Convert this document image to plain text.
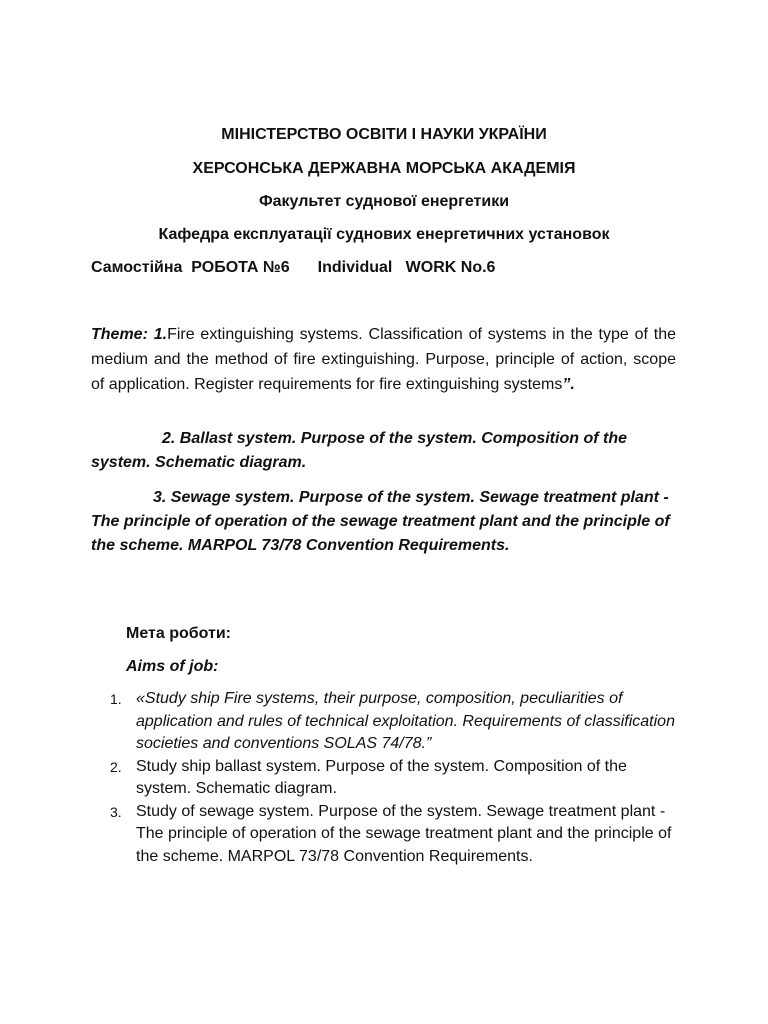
МІНІСТЕРСТВО ОСВІТИ І НАУКИ УКРАЇНИ
ХЕРСОНСЬКА ДЕРЖАВНА МОРСЬКА АКАДЕМІЯ
Факультет суднової енергетики
Кафедра експлуатації суднових енергетичних установок
Самостійна  РОБОТА №6 Individual   WORK No.6
Theme: 1.Fire extinguishing systems. Classification of systems in the type of the medium and the method of fire extinguishing. Purpose, principle of action, scope of application. Register requirements for fire extinguishing systems”.
2. Ballast system. Purpose of the system. Composition of the system. Schematic diagram.
3. Sewage system. Purpose of the system. Sewage treatment plant -The principle of operation of the sewage treatment plant and the principle of the scheme. MARPOL 73/78 Convention Requirements.
Мета роботи:
Aims of job:
1. «Study ship Fire systems, their purpose, composition, peculiarities of application and rules of technical exploitation. Requirements of classification societies and conventions SOLAS 74/78.”
2. Study ship ballast system. Purpose of the system. Composition of the system. Schematic diagram.
3. Study of sewage system. Purpose of the system. Sewage treatment plant -The principle of operation of the sewage treatment plant and the principle of the scheme. MARPOL 73/78 Convention Requirements.
